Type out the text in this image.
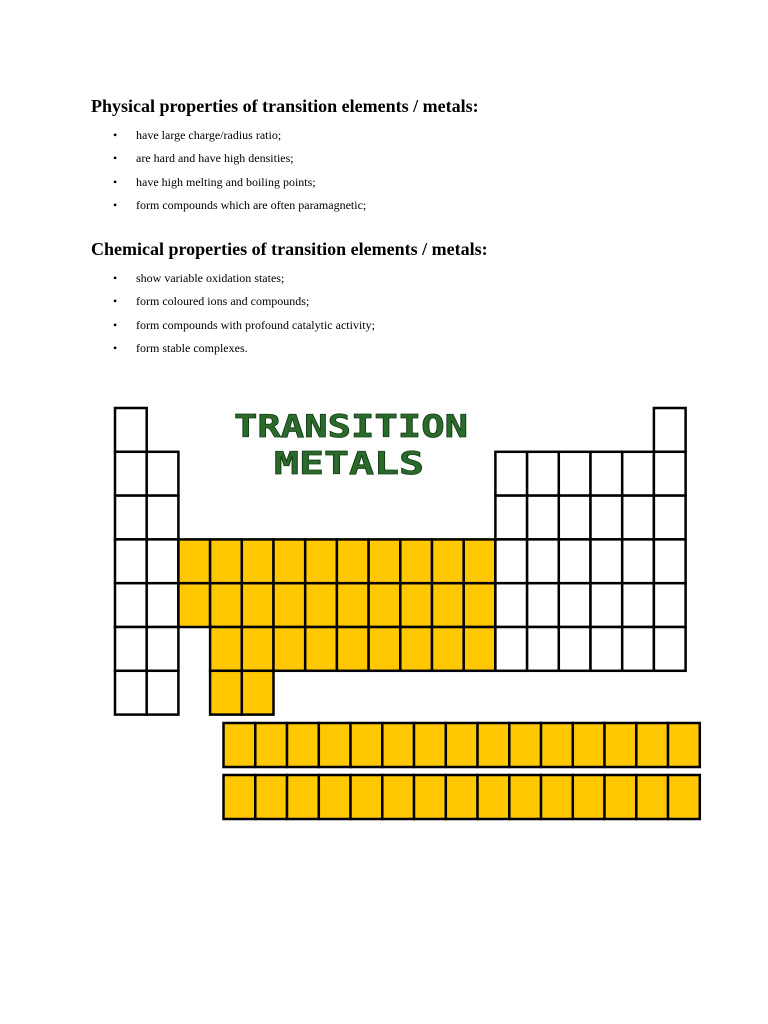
Physical properties of transition elements / metals:
• have large charge/radius ratio;
• are hard and have high densities;
• have high melting and boiling points;
• form compounds which are often paramagnetic;
Chemical properties of transition elements / metals:
• show variable oxidation states;
• form coloured ions and compounds;
• form compounds with profound catalytic activity;
• form stable complexes.
TRANSITION
METALS
